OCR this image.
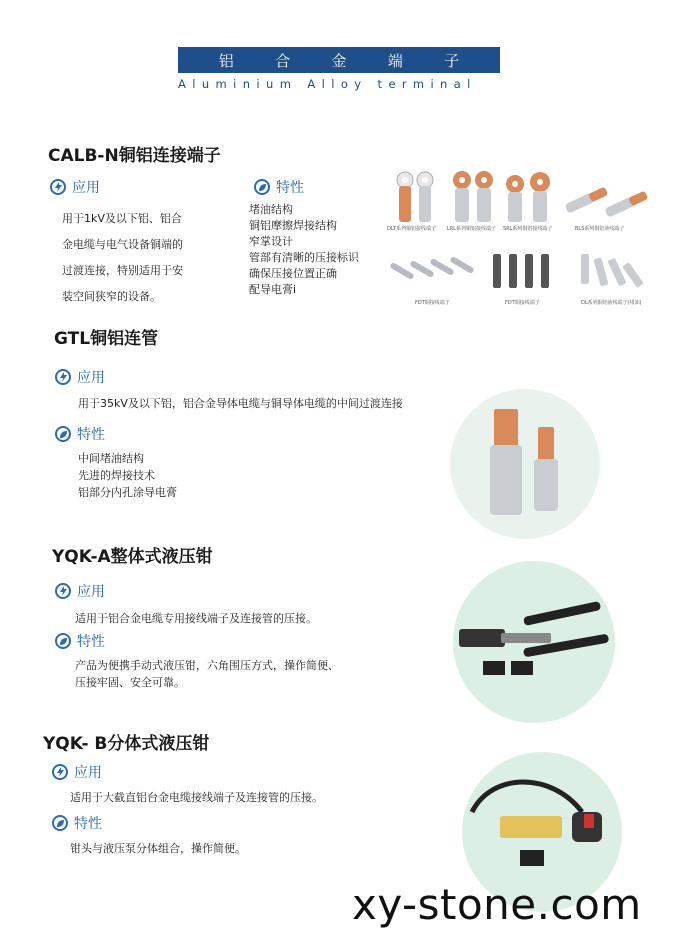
铝	合	金	端	子
Aluminium Alloy terminal
CALB-N铜铝连接端子
应用
用于1kV及以下铝、铝合
金电缆与电气设备铜端的
过渡连接，特别适用于安
装空间狭窄的设备。
特性
堵油结构
铜铝摩擦焊接结构
窄掌设计
管部有清晰的压接标识
确保压接位置正确
配导电膏i
DLT系列铜铝接线端子 LRL系列铜铝接线端子 SRL系列铜铝接线端子	BLS系列铜铝液线端子
FDT铜接线端子	FDT铜接线端子	DL系列铜铝液线端子(堵油)
GTL铜铝连管
应用
用于35kV及以下铝，铝合金导体电缆与铜导体电缆的中间过渡连接
特性
中间堵油结构
先进的焊接技术
铝部分内孔涂导电膏
YQK-A整体式液压钳
应用
适用于铝合金电缆专用接线端子及连接管的压接。
特性
产品为便携手动式液压钳，六角围压方式，操作简便、
压接牢固、安全可靠。
YQK- B分体式液压钳
应用
适用于大截直铝台金电缆接线端子及连接管的压接。
特性
钳头与液压泵分体组合，操作简便。
xy-stone.com
